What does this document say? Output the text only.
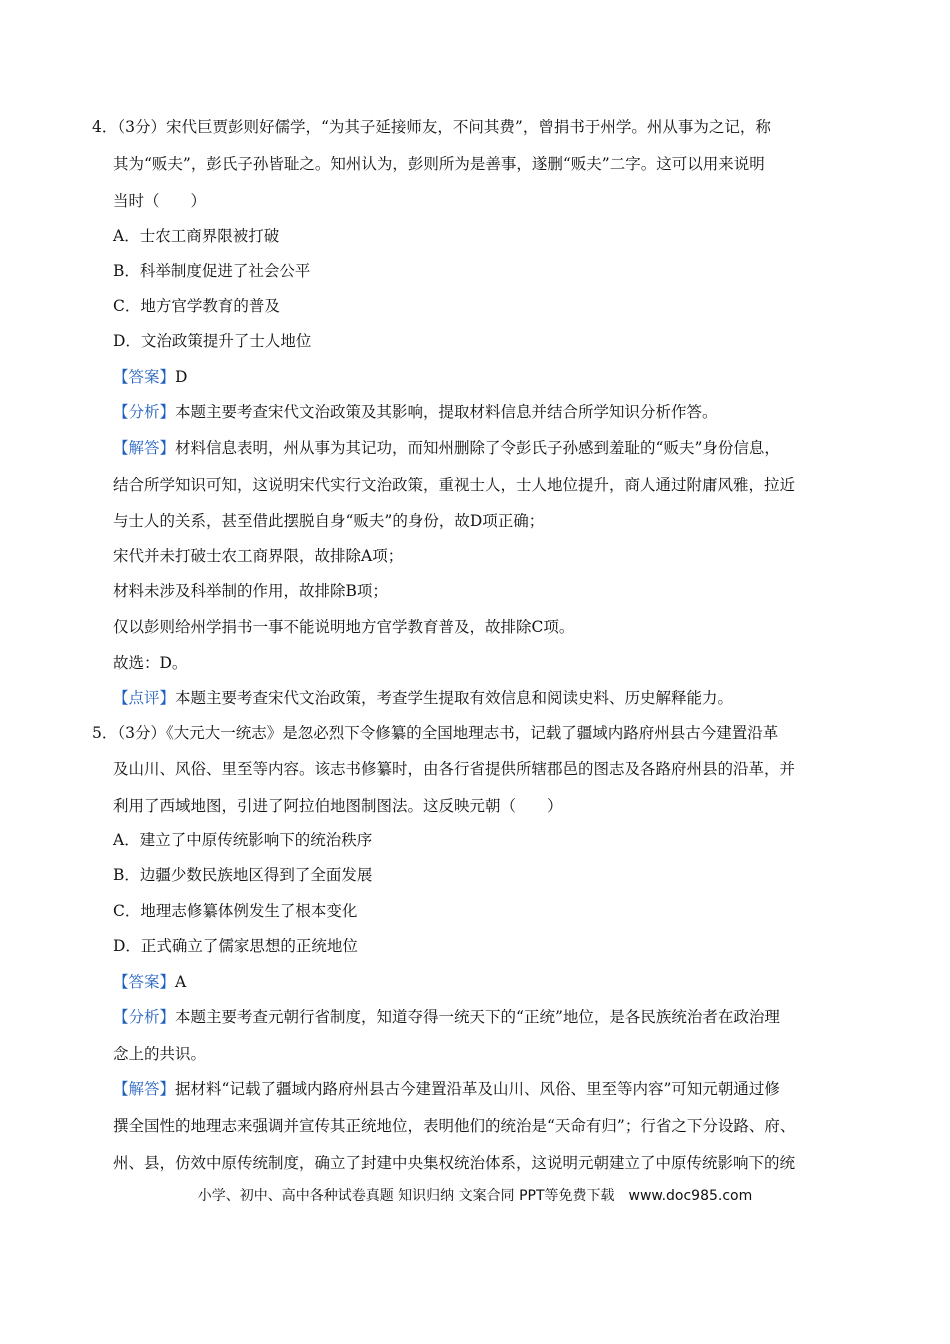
4．（3分）宋代巨贾彭则好儒学，“为其子延接师友，不问其费”，曾捐书于州学。州从事为之记，称
其为“贩夫”，彭氏子孙皆耻之。知州认为，彭则所为是善事，遂删“贩夫”二字。这可以用来说明
当时（　　）
A．士农工商界限被打破
B．科举制度促进了社会公平
C．地方官学教育的普及
D．文治政策提升了士人地位
【答案】D
【分析】本题主要考查宋代文治政策及其影响，提取材料信息并结合所学知识分析作答。
【解答】材料信息表明，州从事为其记功，而知州删除了令彭氏子孙感到羞耻的“贩夫”身份信息，
结合所学知识可知，这说明宋代实行文治政策，重视士人，士人地位提升，商人通过附庸风雅，拉近
与士人的关系，甚至借此摆脱自身“贩夫”的身份，故D项正确；
宋代并未打破士农工商界限，故排除A项；
材料未涉及科举制的作用，故排除B项；
仅以彭则给州学捐书一事不能说明地方官学教育普及，故排除C项。
故选：D。
【点评】本题主要考查宋代文治政策，考查学生提取有效信息和阅读史料、历史解释能力。
5．（3分）《大元大一统志》是忽必烈下令修纂的全国地理志书，记载了疆域内路府州县古今建置沿革
及山川、风俗、里至等内容。该志书修纂时，由各行省提供所辖郡邑的图志及各路府州县的沿革，并
利用了西域地图，引进了阿拉伯地图制图法。这反映元朝（　　）
A．建立了中原传统影响下的统治秩序
B．边疆少数民族地区得到了全面发展
C．地理志修纂体例发生了根本变化
D．正式确立了儒家思想的正统地位
【答案】A
【分析】本题主要考查元朝行省制度，知道夺得一统天下的“正统”地位，是各民族统治者在政治理
念上的共识。
【解答】据材料“记载了疆域内路府州县古今建置沿革及山川、风俗、里至等内容”可知元朝通过修
撰全国性的地理志来强调并宣传其正统地位，表明他们的统治是“天命有归”；行省之下分设路、府、
州、县，仿效中原传统制度，确立了封建中央集权统治体系，这说明元朝建立了中原传统影响下的统
小学、初中、高中各种试卷真题 知识归纳 文案合同 PPT等免费下载　www.doc985.com
